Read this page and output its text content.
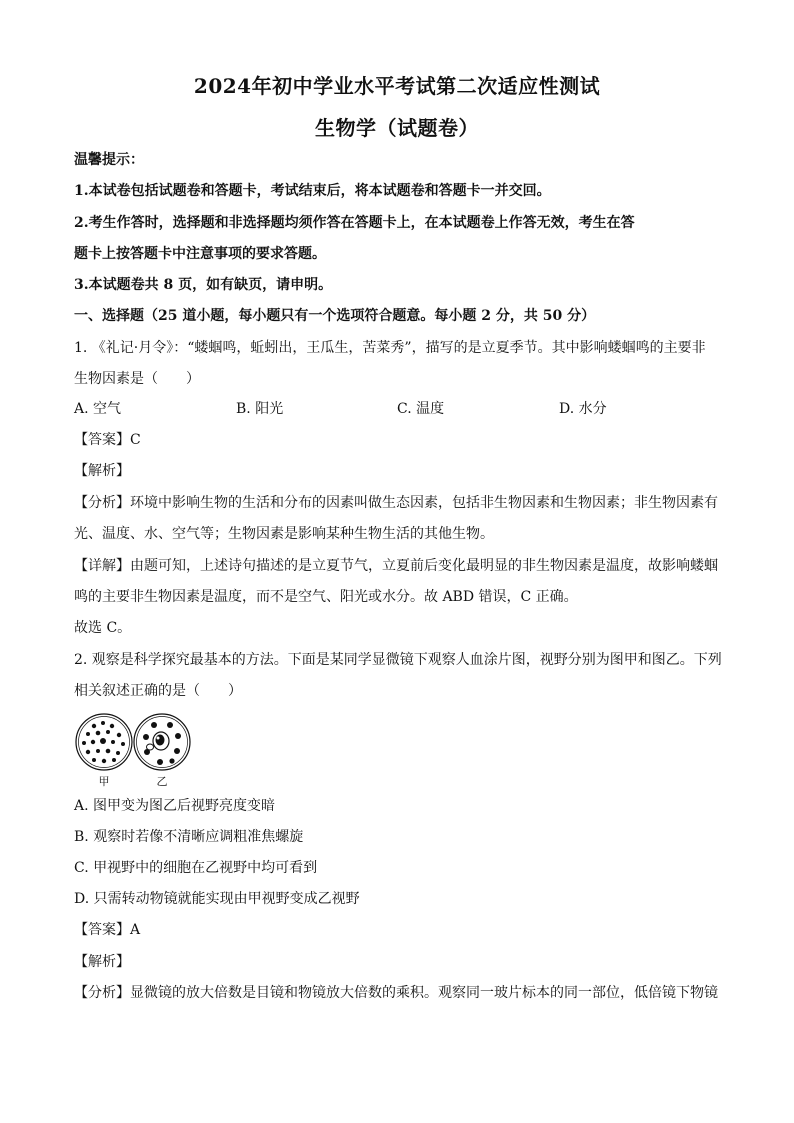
2024年初中学业水平考试第二次适应性测试
生物学（试题卷）
温馨提示：
1.本试卷包括试题卷和答题卡，考试结束后，将本试题卷和答题卡一并交回。
2.考生作答时，选择题和非选择题均须作答在答题卡上，在本试题卷上作答无效，考生在答
题卡上按答题卡中注意事项的要求答题。
3.本试题卷共 8 页，如有缺页，请申明。
一、选择题（25 道小题，每小题只有一个选项符合题意。每小题 2 分，共 50 分）
1. 《礼记·月令》：“蝼蝈鸣，蚯蚓出，王瓜生，苦菜秀”，描写的是立夏季节。其中影响蝼蝈鸣的主要非
生物因素是（　　）
A. 空气	B. 阳光	C. 温度	D. 水分
【答案】C
【解析】
【分析】环境中影响生物的生活和分布的因素叫做生态因素，包括非生物因素和生物因素；非生物因素有
光、温度、水、空气等；生物因素是影响某种生物生活的其他生物。
【详解】由题可知，上述诗句描述的是立夏节气，立夏前后变化最明显的非生物因素是温度，故影响蝼蝈
鸣的主要非生物因素是温度，而不是空气、阳光或水分。故 ABD 错误，C 正确。
故选 C。
2. 观察是科学探究最基本的方法。下面是某同学显微镜下观察人血涂片图，视野分别为图甲和图乙。下列
相关叙述正确的是（　　）
甲	乙
A. 图甲变为图乙后视野亮度变暗
B. 观察时若像不清晰应调粗准焦螺旋
C. 甲视野中的细胞在乙视野中均可看到
D. 只需转动物镜就能实现由甲视野变成乙视野
【答案】A
【解析】
【分析】显微镜的放大倍数是目镜和物镜放大倍数的乘积。观察同一玻片标本的同一部位，低倍镜下物镜
